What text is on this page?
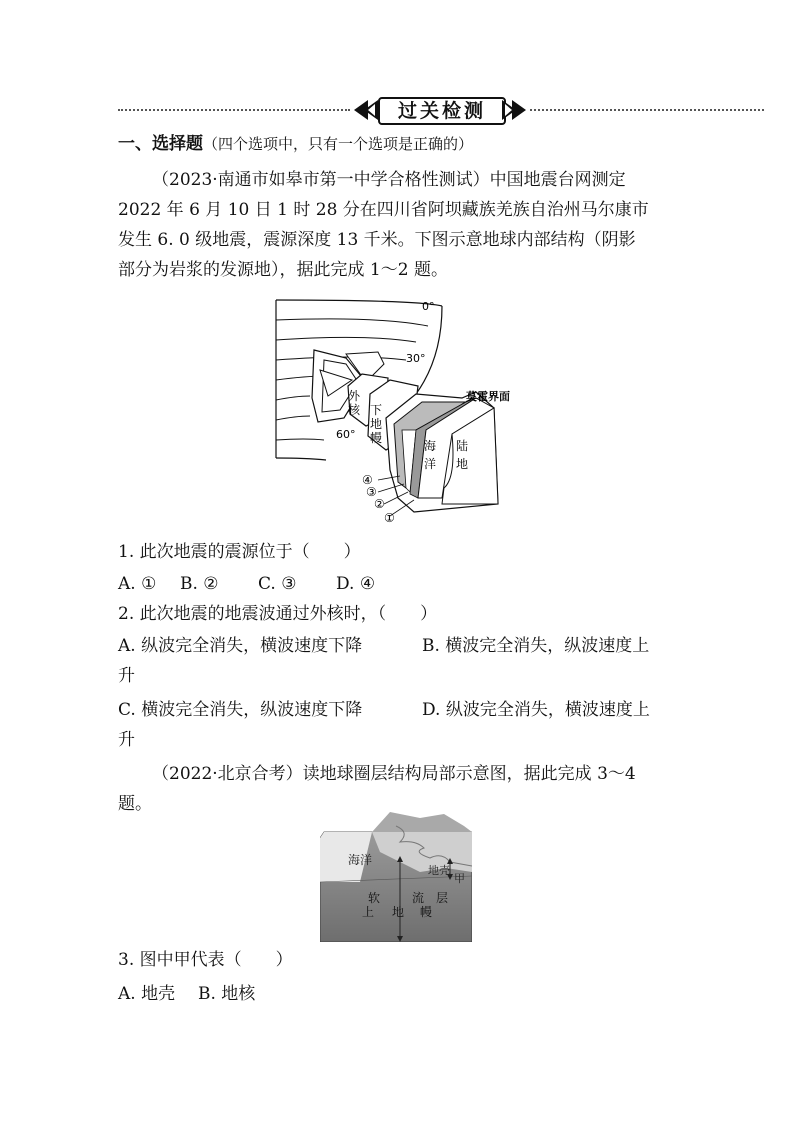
过关检测
一、选择题（四个选项中，只有一个选项是正确的）
（2023·南通市如皋市第一中学合格性测试）中国地震台网测定
2022 年 6 月 10 日 1 时 28 分在四川省阿坝藏族羌族自治州马尔康市
发生 6. 0 级地震，震源深度 13 千米。下图示意地球内部结构（阴影
部分为岩浆的发源地），据此完成 1～2 题。
0°
30°
60°
外
核 下
地
幔
莫霍界面
海
洋
陆
地
④
③
②
①
1. 此次地震的震源位于（　　）
A. ① B. ② C. ③ D. ④
2. 此次地震的地震波通过外核时，（　　）
A. 纵波完全消失，横波速度下降	B. 横波完全消失，纵波速度上
升
C. 横波完全消失，纵波速度下降	D. 纵波完全消失，横波速度上
升
（2022·北京合考）读地球圈层结构局部示意图，据此完成 3～4
题。
海洋
地壳
甲
软	流 层
上 地 幔
3. 图中甲代表（　　）
A. 地壳 B. 地核
